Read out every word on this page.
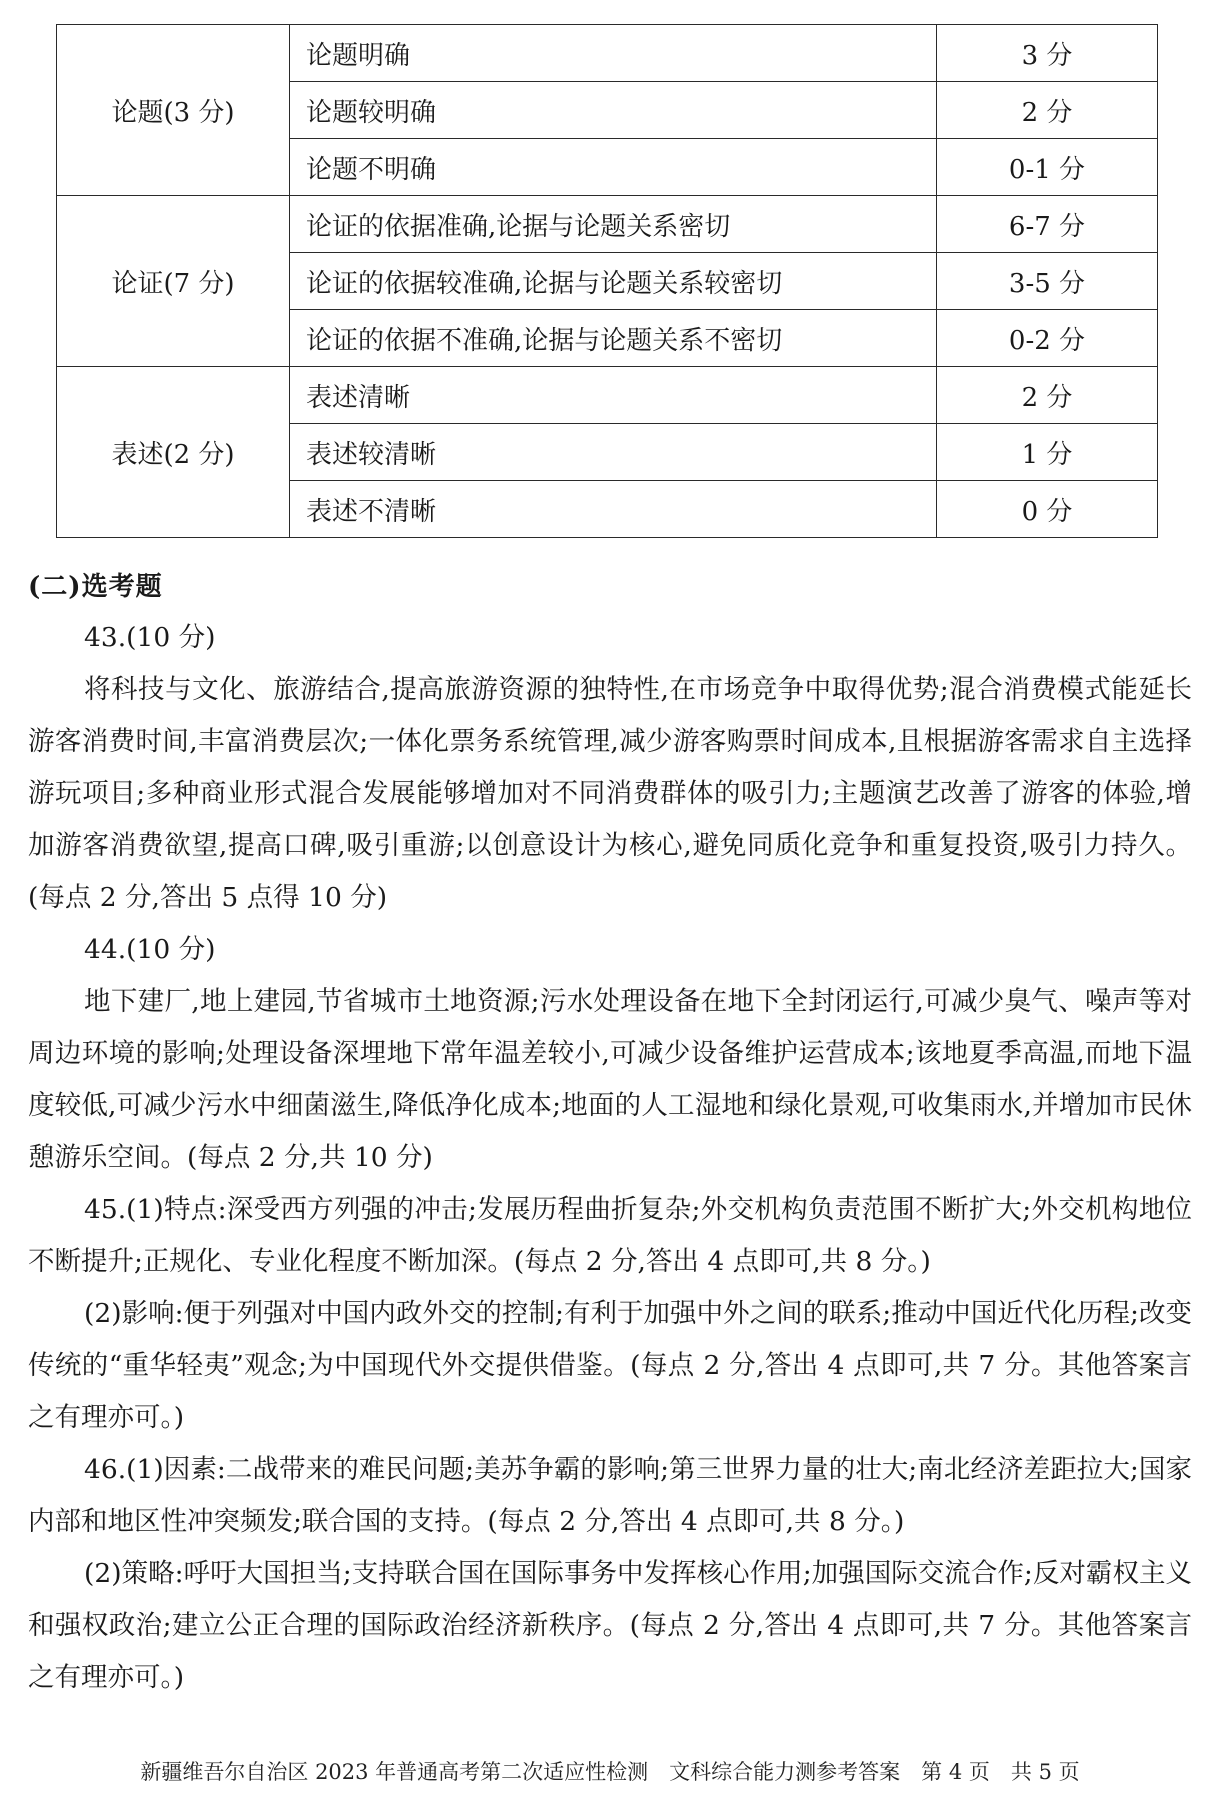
论题(3 分)	论题明确	3 分
	论题较明确	2 分
	论题不明确	0-1 分
论证(7 分)	论证的依据准确,论据与论题关系密切	6-7 分
	论证的依据较准确,论据与论题关系较密切	3-5 分
	论证的依据不准确,论据与论题关系不密切	0-2 分
表述(2 分)	表述清晰	2 分
	表述较清晰	1 分
	表述不清晰	0 分
(二)选考题

43.(10 分)

将科技与文化、旅游结合,提高旅游资源的独特性,在市场竞争中取得优势;混合消费模式能延长游客消费时间,丰富消费层次;一体化票务系统管理,减少游客购票时间成本,且根据游客需求自主选择游玩项目;多种商业形式混合发展能够增加对不同消费群体的吸引力;主题演艺改善了游客的体验,增加游客消费欲望,提高口碑,吸引重游;以创意设计为核心,避免同质化竞争和重复投资,吸引力持久。(每点 2 分,答出 5 点得 10 分)

44.(10 分)

地下建厂,地上建园,节省城市土地资源;污水处理设备在地下全封闭运行,可减少臭气、噪声等对周边环境的影响;处理设备深埋地下常年温差较小,可减少设备维护运营成本;该地夏季高温,而地下温度较低,可减少污水中细菌滋生,降低净化成本;地面的人工湿地和绿化景观,可收集雨水,并增加市民休憩游乐空间。(每点 2 分,共 10 分)

45.(1)特点:深受西方列强的冲击;发展历程曲折复杂;外交机构负责范围不断扩大;外交机构地位不断提升;正规化、专业化程度不断加深。(每点 2 分,答出 4 点即可,共 8 分。)

(2)影响:便于列强对中国内政外交的控制;有利于加强中外之间的联系;推动中国近代化历程;改变传统的“重华轻夷”观念;为中国现代外交提供借鉴。(每点 2 分,答出 4 点即可,共 7 分。其他答案言之有理亦可。)

46.(1)因素:二战带来的难民问题;美苏争霸的影响;第三世界力量的壮大;南北经济差距拉大;国家内部和地区性冲突频发;联合国的支持。(每点 2 分,答出 4 点即可,共 8 分。)

(2)策略:呼吁大国担当;支持联合国在国际事务中发挥核心作用;加强国际交流合作;反对霸权主义和强权政治;建立公正合理的国际政治经济新秩序。(每点 2 分,答出 4 点即可,共 7 分。其他答案言之有理亦可。)

新疆维吾尔自治区 2023 年普通高考第二次适应性检测　文科综合能力测参考答案　第 4 页　共 5 页
